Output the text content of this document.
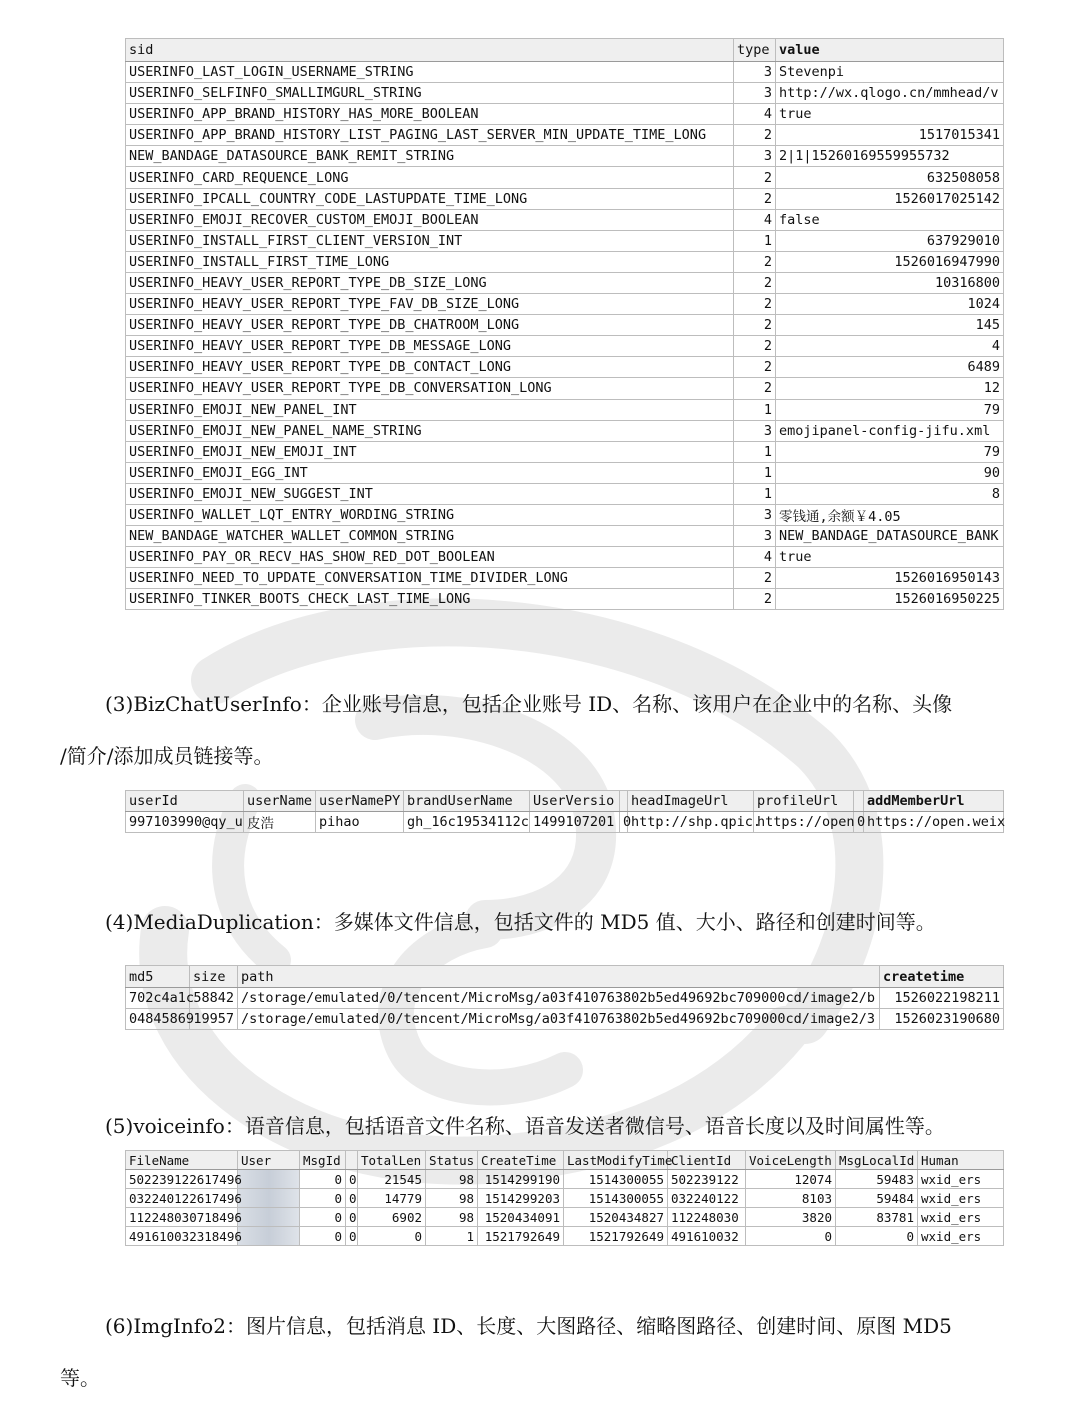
sid	type	value
USERINFO_LAST_LOGIN_USERNAME_STRING	3	Stevenpi
USERINFO_SELFINFO_SMALLIMGURL_STRING	3	http://wx.qlogo.cn/mmhead/v
USERINFO_APP_BRAND_HISTORY_HAS_MORE_BOOLEAN	4	true
USERINFO_APP_BRAND_HISTORY_LIST_PAGING_LAST_SERVER_MIN_UPDATE_TIME_LONG	2	1517015341
NEW_BANDAGE_DATASOURCE_BANK_REMIT_STRING	3	2|1|15260169559955732
USERINFO_CARD_REQUENCE_LONG	2	632508058
USERINFO_IPCALL_COUNTRY_CODE_LASTUPDATE_TIME_LONG	2	1526017025142
USERINFO_EMOJI_RECOVER_CUSTOM_EMOJI_BOOLEAN	4	false
USERINFO_INSTALL_FIRST_CLIENT_VERSION_INT	1	637929010
USERINFO_INSTALL_FIRST_TIME_LONG	2	1526016947990
USERINFO_HEAVY_USER_REPORT_TYPE_DB_SIZE_LONG	2	10316800
USERINFO_HEAVY_USER_REPORT_TYPE_FAV_DB_SIZE_LONG	2	1024
USERINFO_HEAVY_USER_REPORT_TYPE_DB_CHATROOM_LONG	2	145
USERINFO_HEAVY_USER_REPORT_TYPE_DB_MESSAGE_LONG	2	4
USERINFO_HEAVY_USER_REPORT_TYPE_DB_CONTACT_LONG	2	6489
USERINFO_HEAVY_USER_REPORT_TYPE_DB_CONVERSATION_LONG	2	12
USERINFO_EMOJI_NEW_PANEL_INT	1	79
USERINFO_EMOJI_NEW_PANEL_NAME_STRING	3	emojipanel-config-jifu.xml
USERINFO_EMOJI_NEW_EMOJI_INT	1	79
USERINFO_EMOJI_EGG_INT	1	90
USERINFO_EMOJI_NEW_SUGGEST_INT	1	8
USERINFO_WALLET_LQT_ENTRY_WORDING_STRING	3	零钱通,余额￥4.05
NEW_BANDAGE_WATCHER_WALLET_COMMON_STRING	3	NEW_BANDAGE_DATASOURCE_BANK
USERINFO_PAY_OR_RECV_HAS_SHOW_RED_DOT_BOOLEAN	4	true
USERINFO_NEED_TO_UPDATE_CONVERSATION_TIME_DIVIDER_LONG	2	1526016950143
USERINFO_TINKER_BOOTS_CHECK_LAST_TIME_LONG	2	1526016950225
(3)BizChatUserInfo：企业账号信息，包括企业账号 ID、名称、该用户在企业中的名称、头像
/简介/添加成员链接等。
userId	userName	userNamePY	brandUserName	UserVersio		headImageUrl	profileUrl		addMemberUrl
997103990@qy_u	皮浩	pihao	gh_16c19534112c	1499107201	0	http://shp.qpic.	https://open	0	https://open.weix
(4)MediaDuplication：多媒体文件信息，包括文件的 MD5 值、大小、路径和创建时间等。
md5	size	path	createtime
702c4a1c	58842	/storage/emulated/0/tencent/MicroMsg/a03f410763802b5ed49692bc709000cd/image2/b	1526022198211
04845869	19957	/storage/emulated/0/tencent/MicroMsg/a03f410763802b5ed49692bc709000cd/image2/3	1526023190680
(5)voiceinfo：语音信息，包括语音文件名称、语音发送者微信号、语音长度以及时间属性等。
FileName	User	MsgId		TotalLen	Status	CreateTime	LastModifyTime	ClientId	VoiceLength	MsgLocalId	Human
502239122617496		0	0	21545	98	1514299190	1514300055	502239122	12074	59483	wxid_ers
032240122617496		0	0	14779	98	1514299203	1514300055	032240122	8103	59484	wxid_ers
112248030718496		0	0	6902	98	1520434091	1520434827	112248030	3820	83781	wxid_ers
491610032318496		0	0	0	1	1521792649	1521792649	491610032	0	0	wxid_ers
(6)ImgInfo2：图片信息，包括消息 ID、长度、大图路径、缩略图路径、创建时间、原图 MD5
等。
